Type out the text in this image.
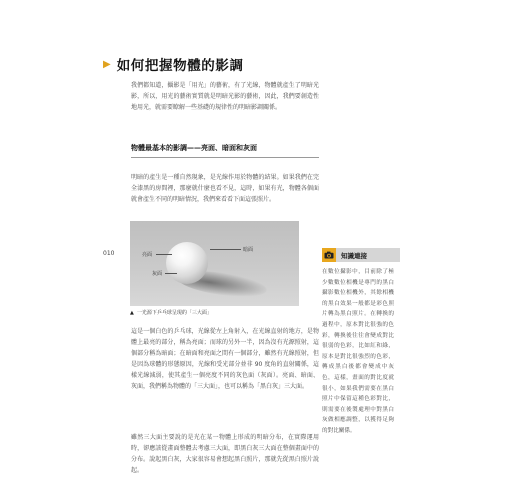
▶ 如何把握物體的影調

我們都知道，攝影是「用光」的藝術，有了光線，物體就產生了明暗光影，所以，用光的藝術實質就是明暗光影的藝術，因此，我們要創造性地用光，就需要瞭解一些基礎的規律性的明暗影調關係。

物體最基本的影調——亮面、暗面和灰面

明暗的產生是一種自然現象，是光線作用於物體的結果。如果我們在完全漆黑的房間裡，那麼就什麼也看不見，這時，如果有光，物體各個面就會產生不同的明暗情況，我們來看看下面這張照片。

010	亮面
暗面
灰面
▲ 一光源下乒乓球呈現的「三大面」

這是一個白色的乒乓球，光線從左上角射入，在光線直射的地方，是物體上最亮的部分，稱為亮面；而球的另外一半，因為沒有光源照射，這個部分稱為暗面；在暗面和亮面之間有一個部分，雖然有光線照射，但是因為球體的形態原因，光線和受光部分並非 90 度角的直射關係，這樣光線減弱，使其產生一個亮度不同的灰色面（灰面）。亮面、暗面、灰面，我們稱為物體的「三大面」，也可以稱為「黑白灰」三大面。

雖然三大面主要說的是光在某一物體上形成的明暗分布，在實際運用時，卻應該從畫面整體去考慮三大面，即黑白灰三大面在整個畫面中的分布。說起黑白灰，大家很容易會想起黑白照片，那就先從黑白照片說起。

知識連接

在數位攝影中，目前除了極少數數位相機是專門的黑白攝影數位相機外，其餘相機的黑白效果一般都是彩色照片轉為黑白照片。在轉換的過程中，原本對比很強的色彩，轉換後往往會變成對比很弱的色彩，比如紅和綠，原本是對比很強烈的色彩，轉成黑白後都會變成中灰色，這樣，畫面的對比度就很小，如果我們需要在黑白照片中保留這種色彩對比，則需要在後製處理中對黑白灰做相應調整，以獲得足夠的對比關係。
